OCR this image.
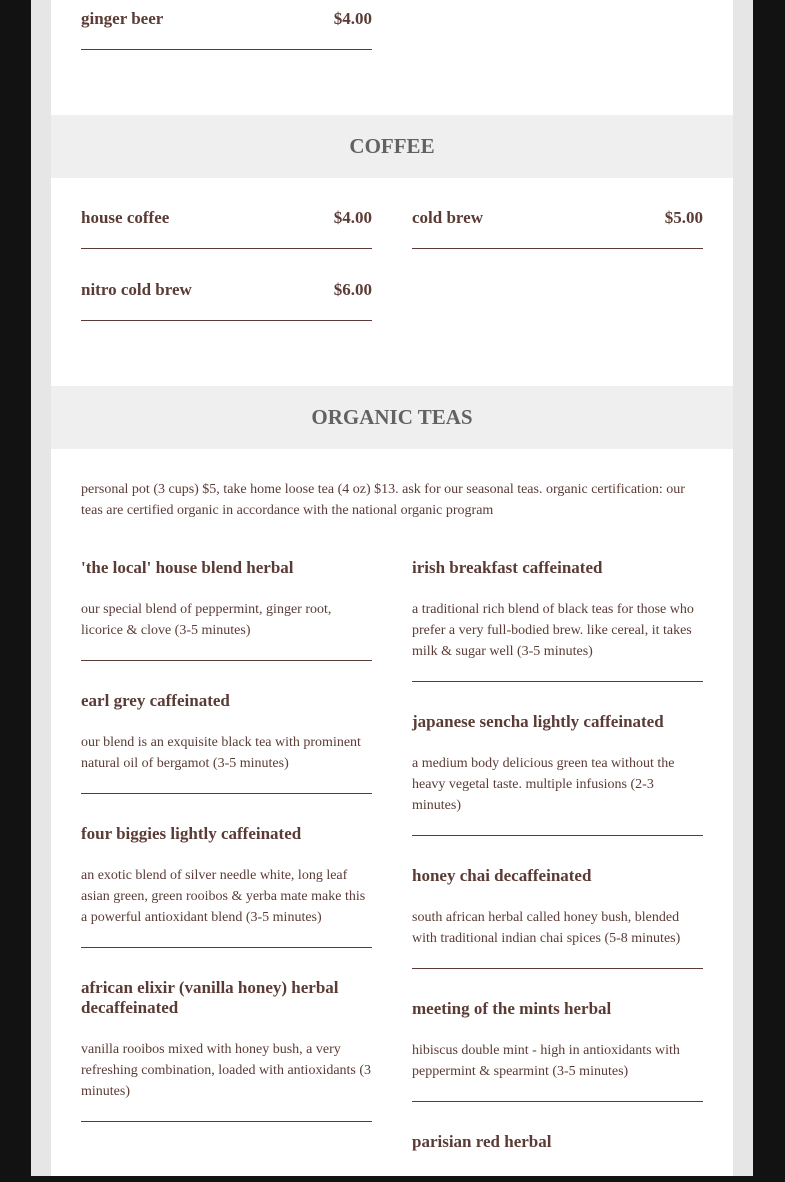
ginger beer	$4.00
COFFEE
house coffee	$4.00 cold brew	$5.00
nitro cold brew	$6.00
ORGANIC TEAS
personal pot (3 cups) $5, take home loose tea (4 oz) $13. ask for our seasonal teas. organic certification: our teas are certified organic in accordance with the national organic program
'the local' house blend herbal
our special blend of peppermint, ginger root, licorice & clove (3-5 minutes)
earl grey caffeinated
our blend is an exquisite black tea with prominent natural oil of bergamot (3-5 minutes)
four biggies lightly caffeinated
an exotic blend of silver needle white, long leaf asian green, green rooibos & yerba mate make this a powerful antioxidant blend (3-5 minutes)
african elixir (vanilla honey) herbal decaffeinated
vanilla rooibos mixed with honey bush, a very refreshing combination, loaded with antioxidants (3 minutes)
irish breakfast caffeinated
a traditional rich blend of black teas for those who prefer a very full-bodied brew. like cereal, it takes milk & sugar well (3-5 minutes)
japanese sencha lightly caffeinated
a medium body delicious green tea without the heavy vegetal taste. multiple infusions (2-3 minutes)
honey chai decaffeinated
south african herbal called honey bush, blended with traditional indian chai spices (5-8 minutes)
meeting of the mints herbal
hibiscus double mint - high in antioxidants with peppermint & spearmint (3-5 minutes)
parisian red herbal
